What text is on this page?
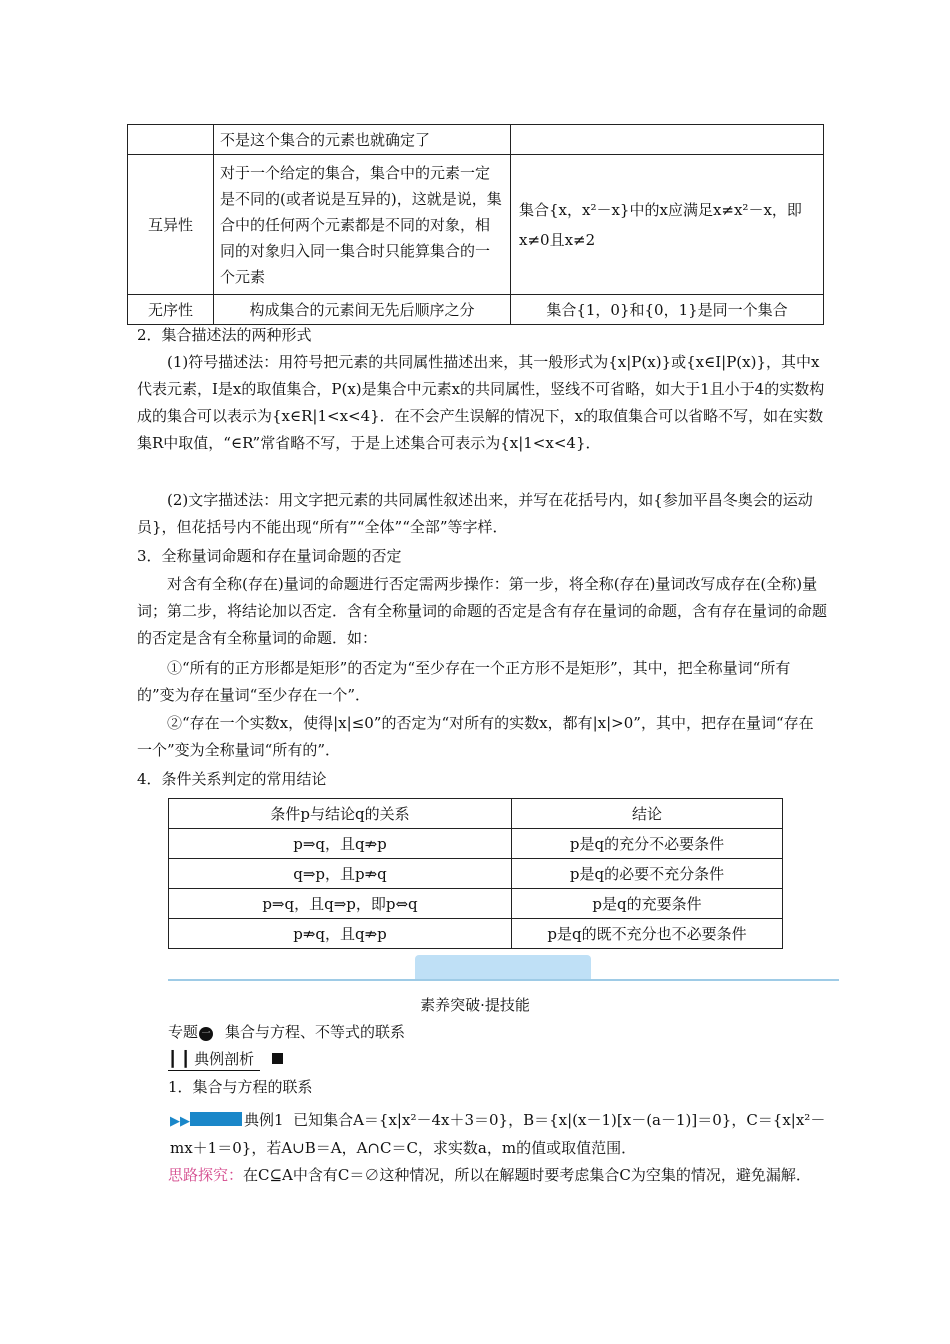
	不是这个集合的元素也就确定了	
互异性	对于一个给定的集合，集合中的元素一定是不同的(或者说是互异的)，这就是说，集合中的任何两个元素都是不同的对象，相同的对象归入同一集合时只能算集合的一个元素	集合{x，x²－x}中的x应满足x≠x²－x，即x≠0且x≠2
无序性	构成集合的元素间无先后顺序之分	集合{1，0}和{0，1}是同一个集合
2．集合描述法的两种形式
(1)符号描述法：用符号把元素的共同属性描述出来，其一般形式为{x|P(x)}或{x∈I|P(x)}，其中x代表元素，I是x的取值集合，P(x)是集合中元素x的共同属性，竖线不可省略，如大于1且小于4的实数构成的集合可以表示为{x∈R|1<x<4}．在不会产生误解的情况下，x的取值集合可以省略不写，如在实数集R中取值，“∈R”常省略不写，于是上述集合可表示为{x|1<x<4}．
(2)文字描述法：用文字把元素的共同属性叙述出来，并写在花括号内，如{参加平昌冬奥会的运动员}，但花括号内不能出现“所有”“全体”“全部”等字样．
3．全称量词命题和存在量词命题的否定
对含有全称(存在)量词的命题进行否定需两步操作：第一步，将全称(存在)量词改写成存在(全称)量词；第二步，将结论加以否定．含有全称量词的命题的否定是含有存在量词的命题，含有存在量词的命题的否定是含有全称量词的命题．如：
①“所有的正方形都是矩形”的否定为“至少存在一个正方形不是矩形”，其中，把全称量词“所有的”变为存在量词“至少存在一个”．
②“存在一个实数x，使得|x|≤0”的否定为“对所有的实数x，都有|x|>0”，其中，把存在量词“存在一个”变为全称量词“所有的”．
4．条件关系判定的常用结论
条件p与结论q的关系	结论
p⇒q，且q⇏p	p是q的充分不必要条件
q⇒p，且p⇏q	p是q的必要不充分条件
p⇒q，且q⇒p，即p⇔q	p是q的充要条件
p⇏q，且q⇏p	p是q的既不充分也不必要条件
素养突破·提技能
专题 一 集合与方程、不等式的联系
┃┃典例剖析
1．集合与方程的联系
▶▶	典例1 已知集合A＝{x|x²－4x＋3＝0}，B＝{x|(x－1)[x－(a－1)]＝0}，C＝{x|x²－mx＋1＝0}，若A∪B＝A，A∩C＝C，求实数a，m的值或取值范围．
思路探究：在C⊆A中含有C＝∅这种情况，所以在解题时要考虑集合C为空集的情况，避免漏解．
